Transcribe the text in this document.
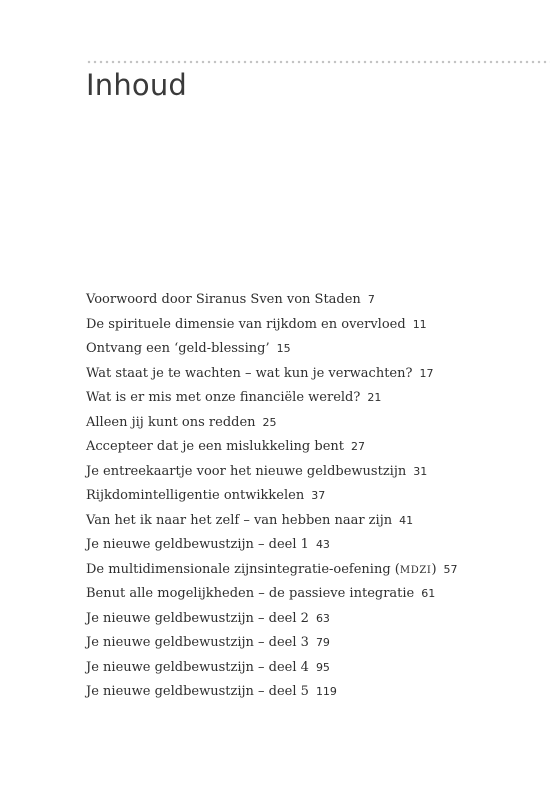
Inhoud
Voorwoord door Siranus Sven von Staden 7
De spirituele dimensie van rijkdom en overvloed 11
Ontvang een ‘geld-blessing’ 15
Wat staat je te wachten – wat kun je verwachten? 17
Wat is er mis met onze financiële wereld? 21
Alleen jij kunt ons redden 25
Accepteer dat je een mislukkeling bent 27
Je entreekaartje voor het nieuwe geldbewustzijn 31
Rijkdomintelligentie ontwikkelen 37
Van het ik naar het zelf – van hebben naar zijn 41
Je nieuwe geldbewustzijn – deel 1 43
De multidimensionale zijnsintegratie-oefening (MDZI) 57
Benut alle mogelijkheden – de passieve integratie 61
Je nieuwe geldbewustzijn – deel 2 63
Je nieuwe geldbewustzijn – deel 3 79
Je nieuwe geldbewustzijn – deel 4 95
Je nieuwe geldbewustzijn – deel 5 119
